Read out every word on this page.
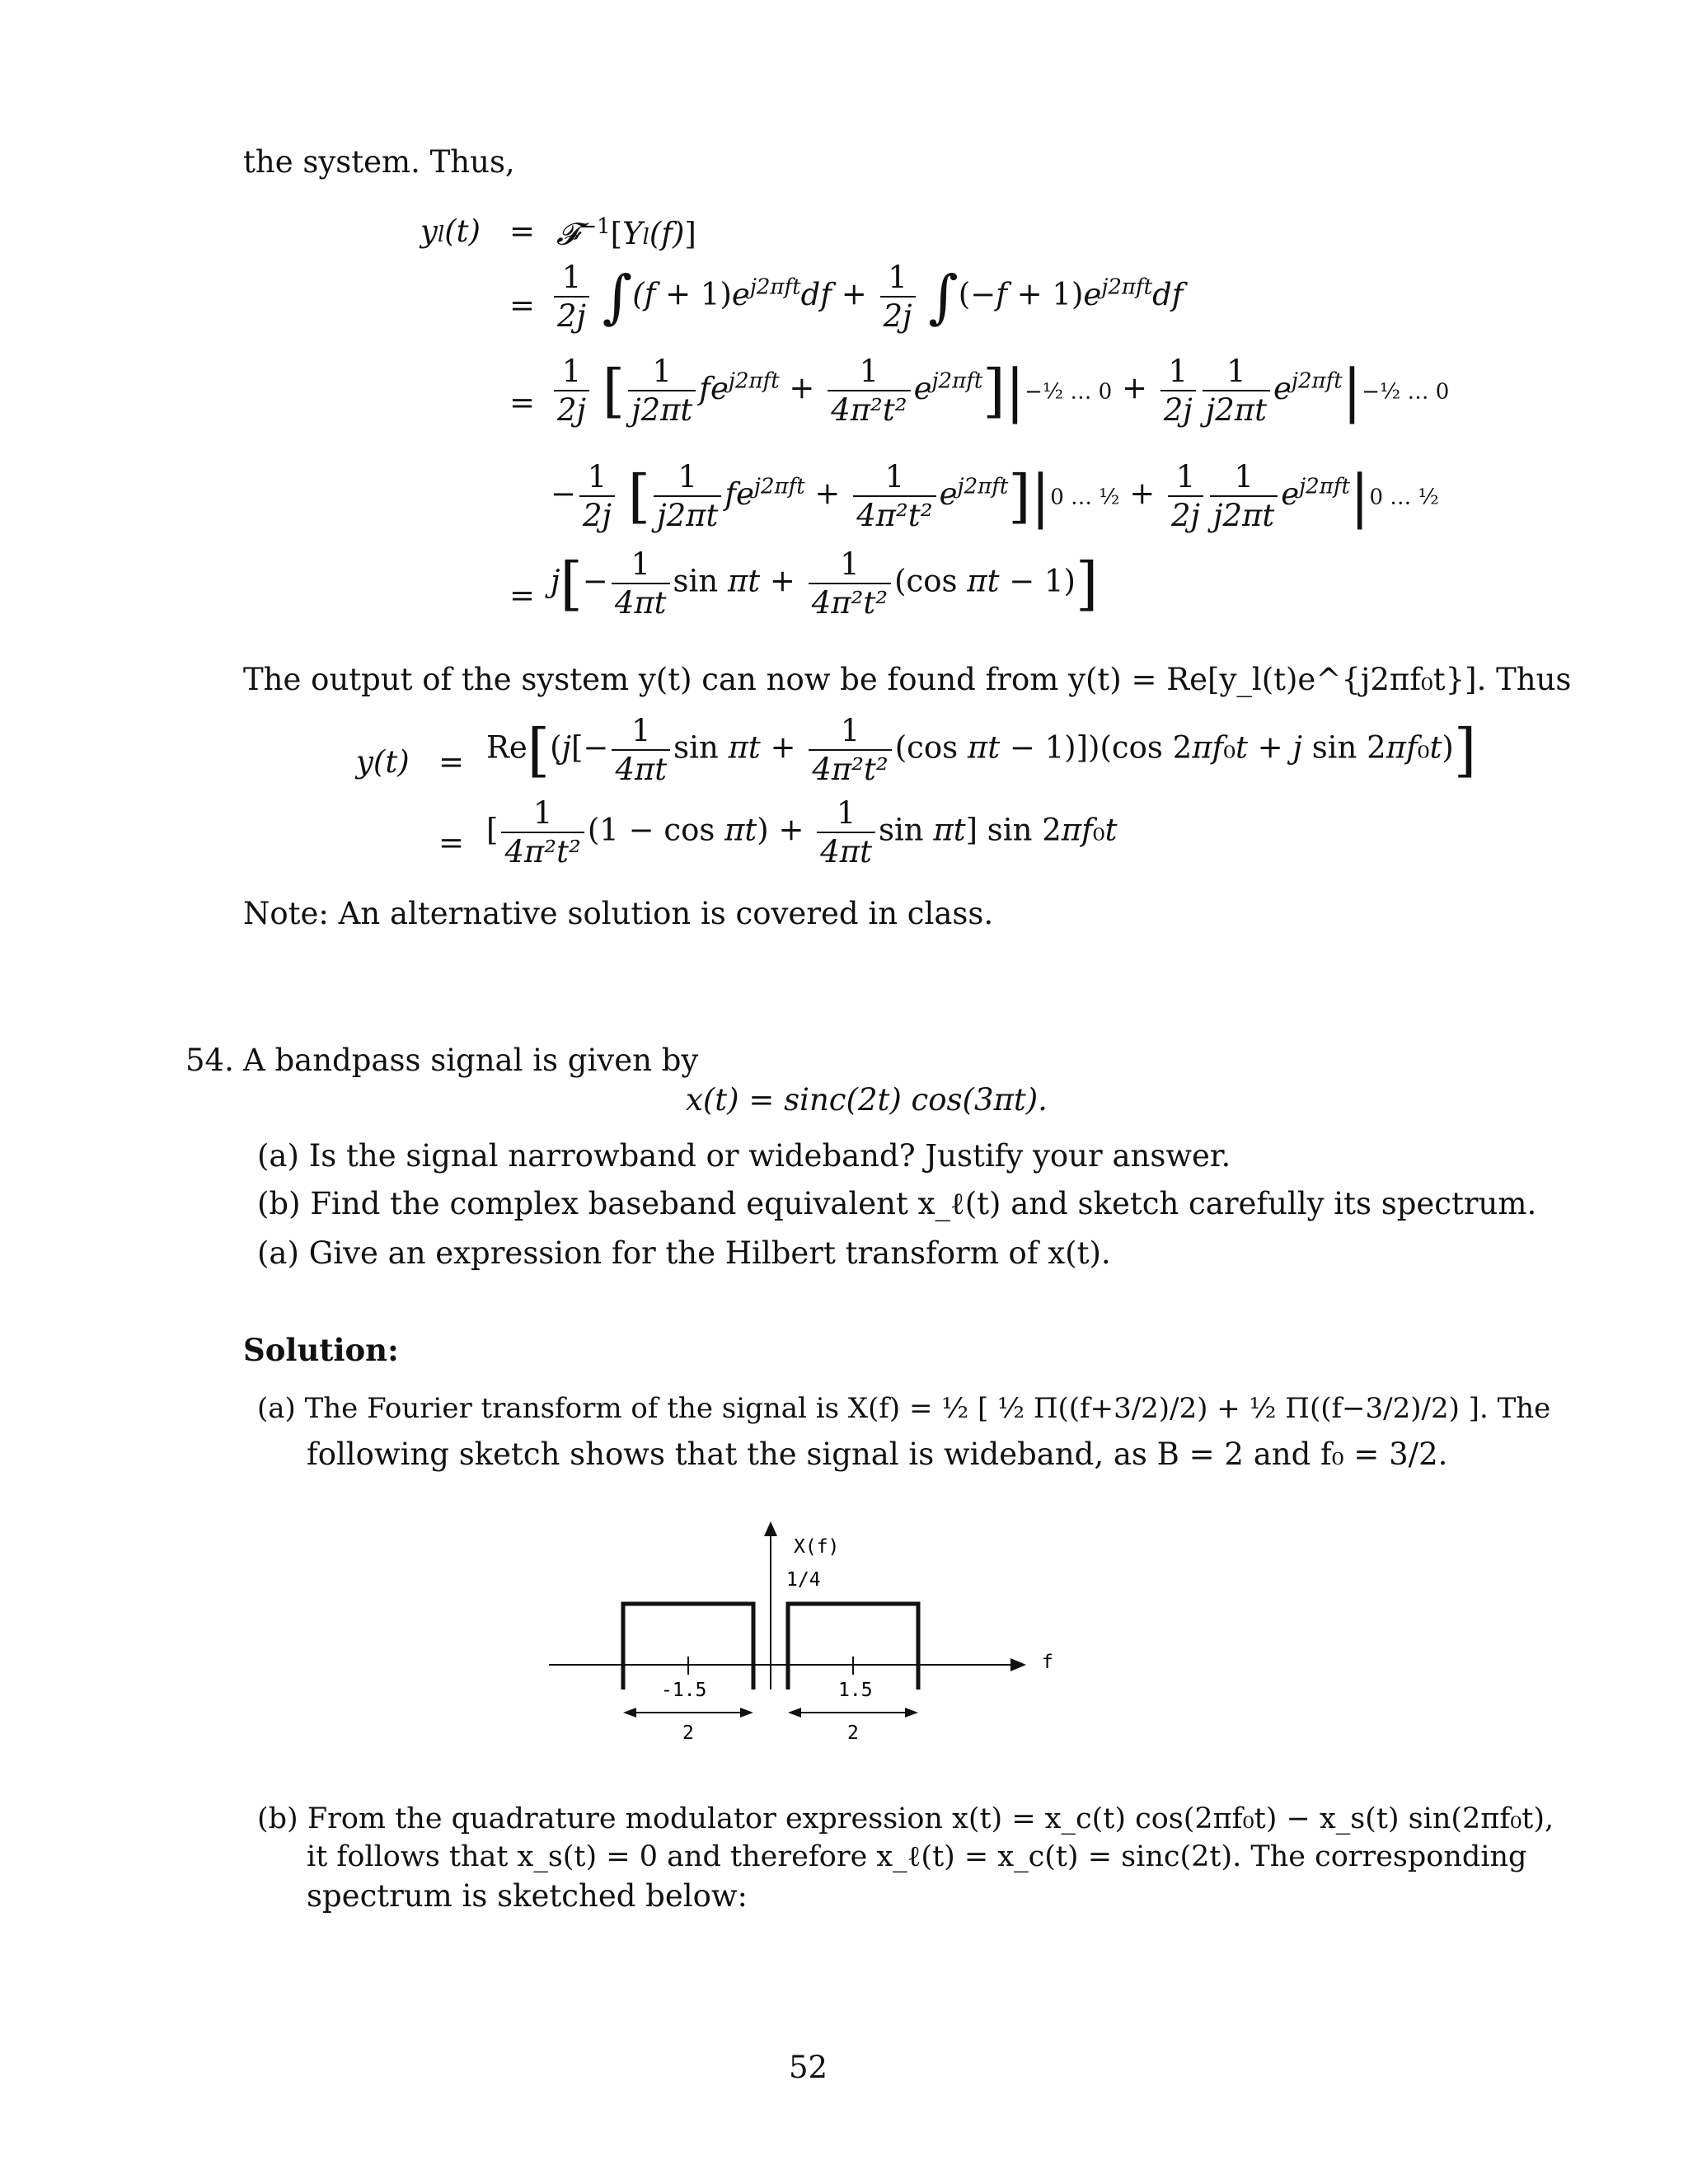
the system. Thus,
yl(t) = 𝓕$^{-1}$[Yl(f)]
= $\frac{1}{2j} \int(f + 1)e^{j2\pi ft}df + \frac{1}{2j} \int(-f + 1)e^{j2\pi ft}df$
= $\frac{1}{2j}$ [ $\frac{1}{j2\pi t} fe^{j2\pi ft} + \frac{1}{\text{4π²t²}}$ $e^{j2\pi ft}]|-\frac{1}{2}$ … $0 + \frac{1}{2j} \frac{1}{j2\pi t}$ $e^{j2\pi ft}|-\frac{1}{2}$ … 0
− $\frac{1}{2j}$ [ $\frac{1}{j2\pi t} fe^{j2\pi ft} + \frac{1}{\text{4π²t²}} e^{j2\pi ft}]|0$ … ½ + $\frac{1}{2j} \frac{1}{j2\pi t} e^{j2\pi ft}|0$ … ½
= $j[- \frac{1}{4\pi t}$ $\sin \pi t + \frac{1}{\text{4π²t²}} (\cos$ πt − 1)]
The output of the system y(t) can now be found from y(t) = Re[y_l(t)e^{j2πf₀t}]. Thus
$y(t) = Re[(j[- \frac{1}{4\pi t}$ $\sin \pi t + \frac{1}{\text{4π²t²}} (\cos$ πt − 1)])(cos 2πf₀t + j sin 2πf₀t)]
= [ $\frac{1}{\text{4π²t²}} (1 - \cos \pi t) + \frac{1}{4\pi t}$ sin πt] sin 2πf₀t
Note: An alternative solution is covered in class.
54. A bandpass signal is given by
x(t) = sinc(2t) cos(3πt).
(a) Is the signal narrowband or wideband? Justify your answer.
(b) Find the complex baseband equivalent x_ℓ(t) and sketch carefully its spectrum.
(a) Give an expression for the Hilbert transform of x(t).
Solution:
(a) The Fourier transform of the signal is X(f) = ½ [ ½ Π((f+3/2)/2) + ½ Π((f−3/2)/2) ]. The
following sketch shows that the signal is wideband, as B = 2 and f₀ = 3/2.
X(f)
1/4
f
-1.5	1.5
2	2
(b) From the quadrature modulator expression x(t) = x_c(t) cos(2πf₀t) − x_s(t) sin(2πf₀t),
it follows that x_s(t) = 0 and therefore x_ℓ(t) = x_c(t) = sinc(2t). The corresponding
spectrum is sketched below:
52
